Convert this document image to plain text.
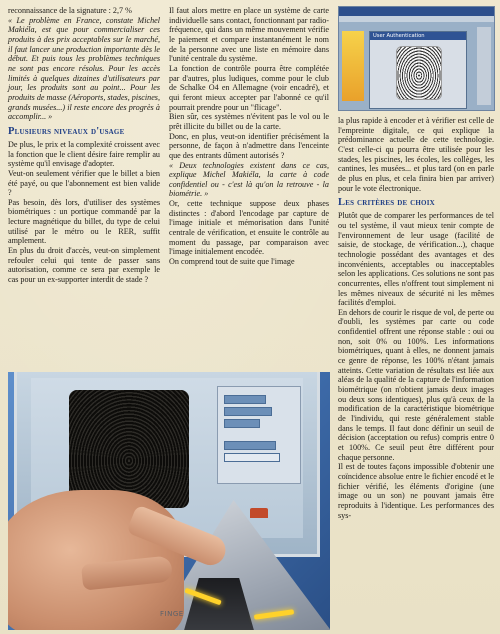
reconnaissance de la signature : 2,7 %

« Le problème en France, constate Michel Makiéla, est que pour commercialiser ces produits à des prix acceptables sur le marché, il faut lancer une production importante dès le début. Et puis tous les problèmes techniques ne sont pas encore résolus. Pour les accès limités à quelques dizaines d'utilisateurs par jour, les produits sont au point... Pour les produits de masse (Aéroports, stades, piscines, grands musées...) il reste encore des progrès à accomplir... »

Plusieurs niveaux d'usage

De plus, le prix et la complexité croissent avec la fonction que le client désire faire remplir au système qu'il envisage d'adopter.

Veut-on seulement vérifier que le billet a bien été payé, ou que l'abonnement est bien valide ?

Pas besoin, dès lors, d'utiliser des systèmes biométriques : un portique commandé par la lecture magnétique du billet, du type de celui utilisé par le métro ou le RER, suffit amplement.

En plus du droit d'accès, veut-on simplement refouler celui qui tente de passer sans autorisation, comme ce sera par exemple le cas pour un ex-supporter interdit de stade ?

Il faut alors mettre en place un système de carte individuelle sans contact, fonctionnant par radio-fréquence, qui dans un même mouvement vérifie le paiement et compare instantanément le nom de la personne avec une liste en mémoire dans l'unité centrale du système.

La fonction de contrôle pourra être complétée par d'autres, plus ludiques, comme pour le club de Schalke O4 en Allemagne (voir encadré), et qui feront mieux accepter par l'abonné ce qu'il pourrait prendre pour un "flicage".

Bien sûr, ces systèmes n'évitent pas le vol ou le prêt illicite du billet ou de la carte.

Donc, en plus, veut-on identifier précisément la personne, de façon à n'admettre dans l'enceinte que des entrants dûment autorisés ?

« Deux technologies existent dans ce cas, explique Michel Makiéla, la carte à code confidentiel ou - c'est là qu'on la retrouve - la biométrie. »

Or, cette technique suppose deux phases distinctes : d'abord l'encodage par capture de l'image initiale et mémorisation dans l'unité centrale de vérification, et ensuite le contrôle au moment du passage, par comparaison avec l'image initialement encodée.

On comprend tout de suite que l'image

User Authentication

la plus rapide à encoder et à vérifier est celle de l'empreinte digitale, ce qui explique la prédominance actuelle de cette technologie. C'est celle-ci qu pourra être utilisée pour les stades, les piscines, les écoles, les collèges, les cantines, les musées... et plus tard (on en parle de plus en plus, et cela finira bien par arriver) pour le vote électronique.

Les critères de choix

Plutôt que de comparer les performances de tel ou tel système, il vaut mieux tenir compte de l'environnement de leur usage (facilité de saisie, de stockage, de vérification...), chaque technologie possédant des avantages et des inconvénients, acceptables ou inacceptables selon les applications. Ces solutions ne sont pas concurrentes, elles n'offrent tout simplement ni les mêmes niveaux de sécurité ni les mêmes facilités d'emploi.

En dehors de courir le risque de vol, de perte ou d'oubli, les systèmes par carte ou code confidentiel offrent une réponse stable : oui ou non, soit 0% ou 100%. Les informations biométriques, quant à elles, ne donnent jamais ce genre de réponse, les 100% n'étant jamais atteints. Cette variation de résultats est liée aux aléas de la qualité de la capture de l'information biométrique (on n'obtient jamais deux images ou deux sons identiques), plus qu'à ceux de la modification de la caractéristique biométrique de l'individu, qui reste généralement stable dans le temps. Il faut donc définir un seuil de décision (acceptation ou refus) compris entre 0 et 100%. Ce seuil peut être différent pour chaque personne.

Il est de toutes façons impossible d'obtenir une coïncidence absolue entre le fichier encodé et le fichier vérifié, les éléments d'origine (une image ou un son) ne pouvant jamais être reproduits à l'identique. Les performances des sys-

FINGE
